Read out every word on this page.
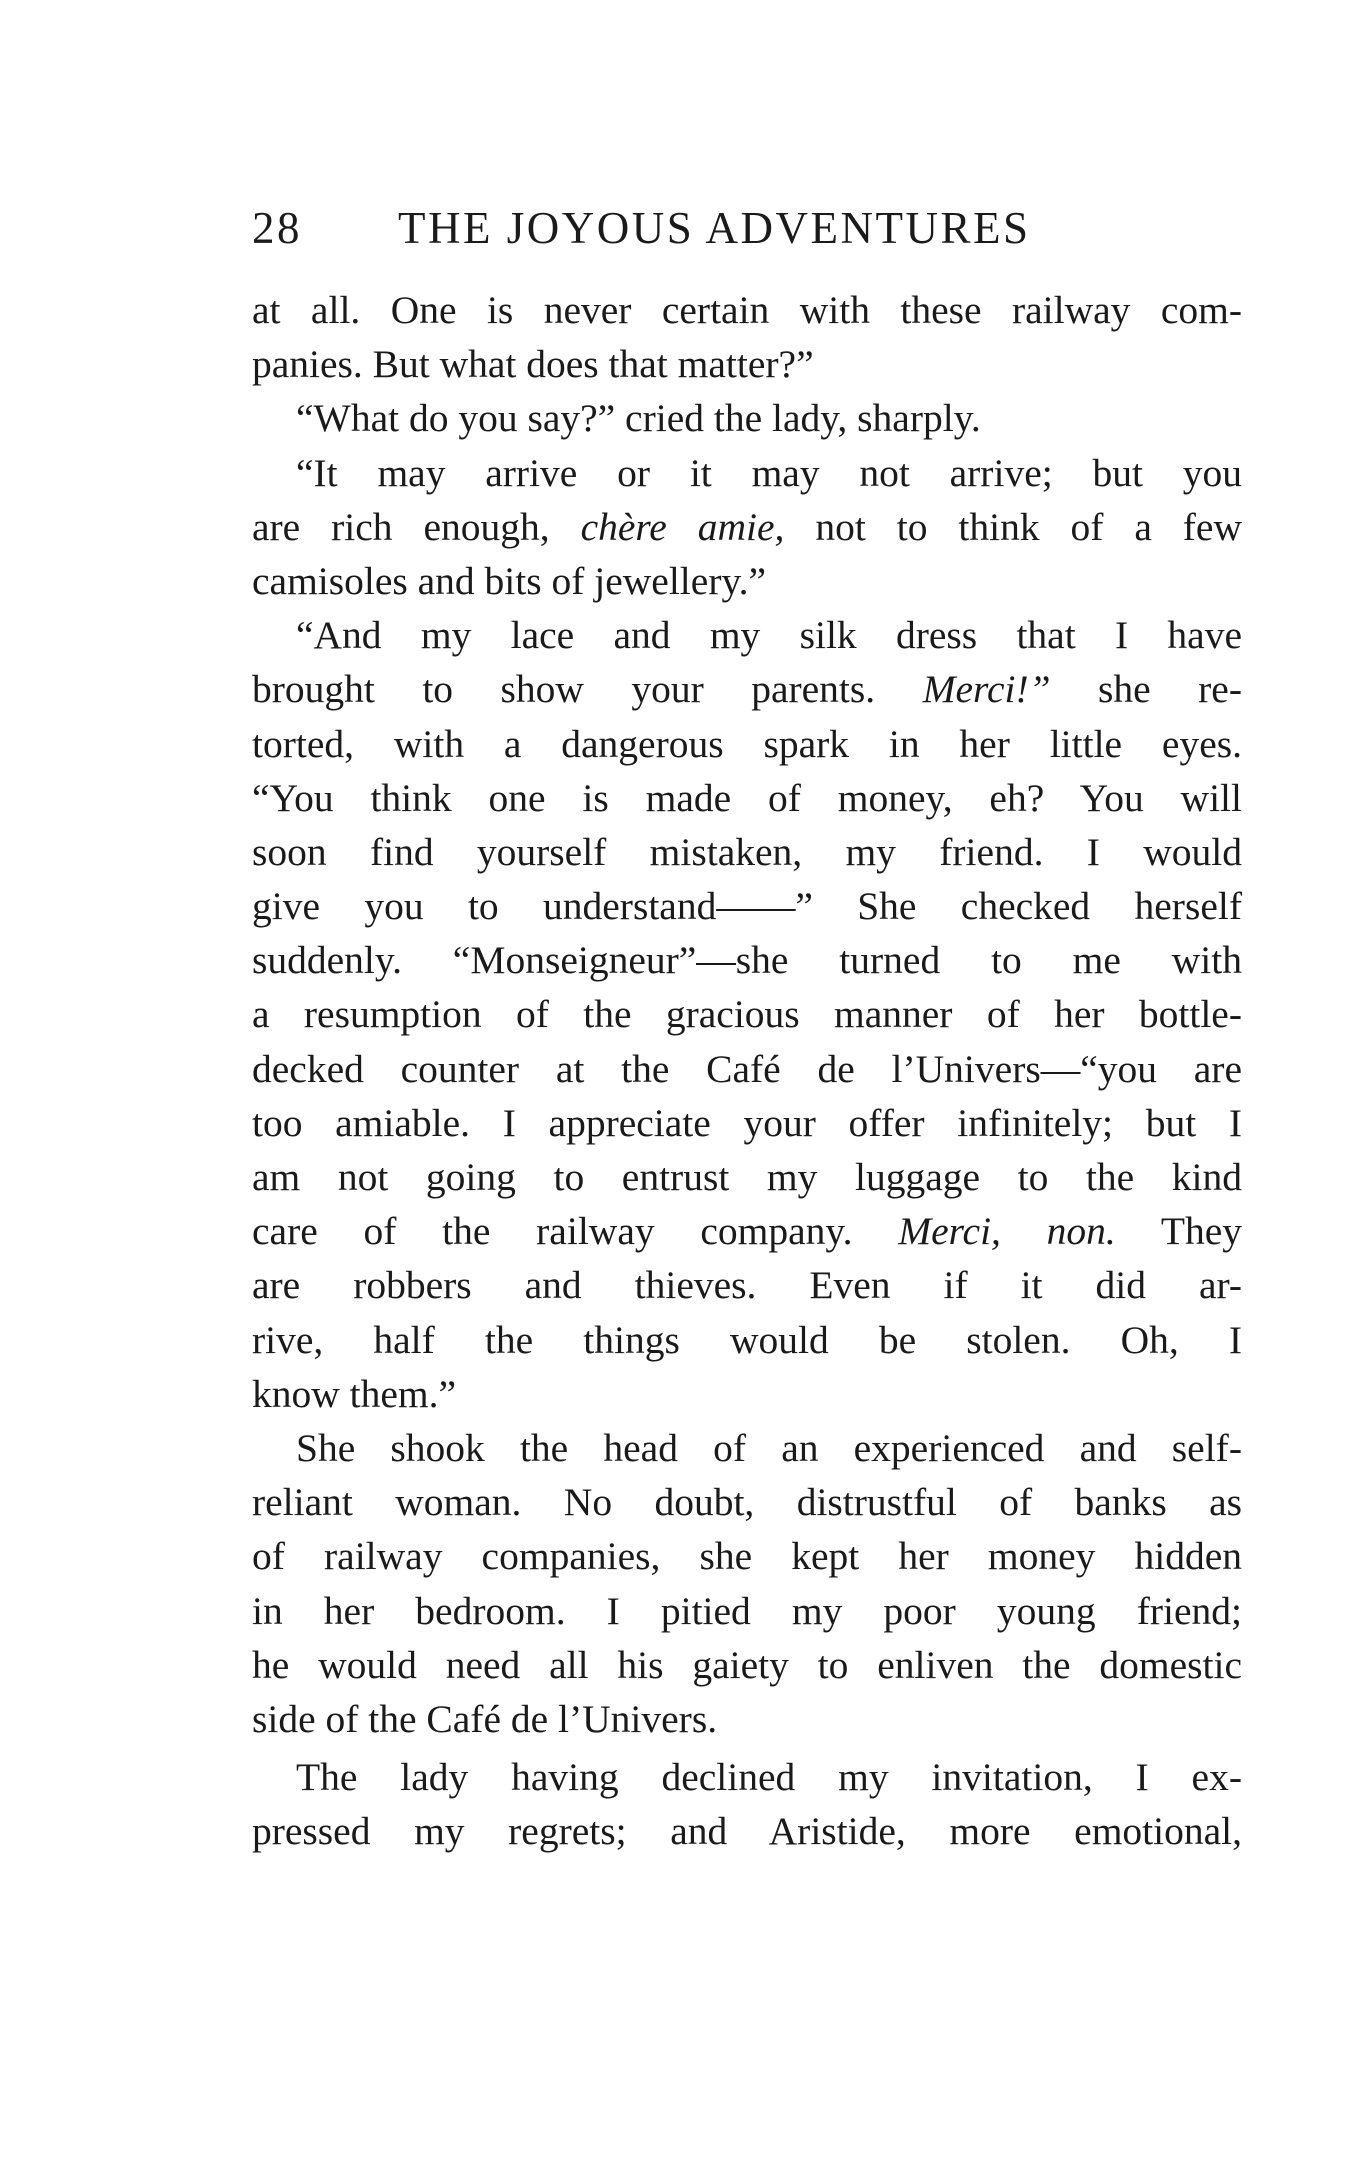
28 THE JOYOUS ADVENTURES
at all. One is never certain with these railway com-
panies. But what does that matter?”
“What do you say?” cried the lady, sharply.
“It may arrive or it may not arrive; but you
are rich enough, chère amie, not to think of a few
camisoles and bits of jewellery.”
“And my lace and my silk dress that I have
brought to show your parents. Merci!” she re-
torted, with a dangerous spark in her little eyes.
“You think one is made of money, eh? You will
soon find yourself mistaken, my friend. I would
give you to understand——” She checked herself
suddenly. “Monseigneur”—she turned to me with
a resumption of the gracious manner of her bottle-
decked counter at the Café de l’Univers—“you are
too amiable. I appreciate your offer infinitely; but I
am not going to entrust my luggage to the kind
care of the railway company. Merci, non. They
are robbers and thieves. Even if it did ar-
rive, half the things would be stolen. Oh, I
know them.”
She shook the head of an experienced and self-
reliant woman. No doubt, distrustful of banks as
of railway companies, she kept her money hidden
in her bedroom. I pitied my poor young friend;
he would need all his gaiety to enliven the domestic
side of the Café de l’Univers.
The lady having declined my invitation, I ex-
pressed my regrets; and Aristide, more emotional,
